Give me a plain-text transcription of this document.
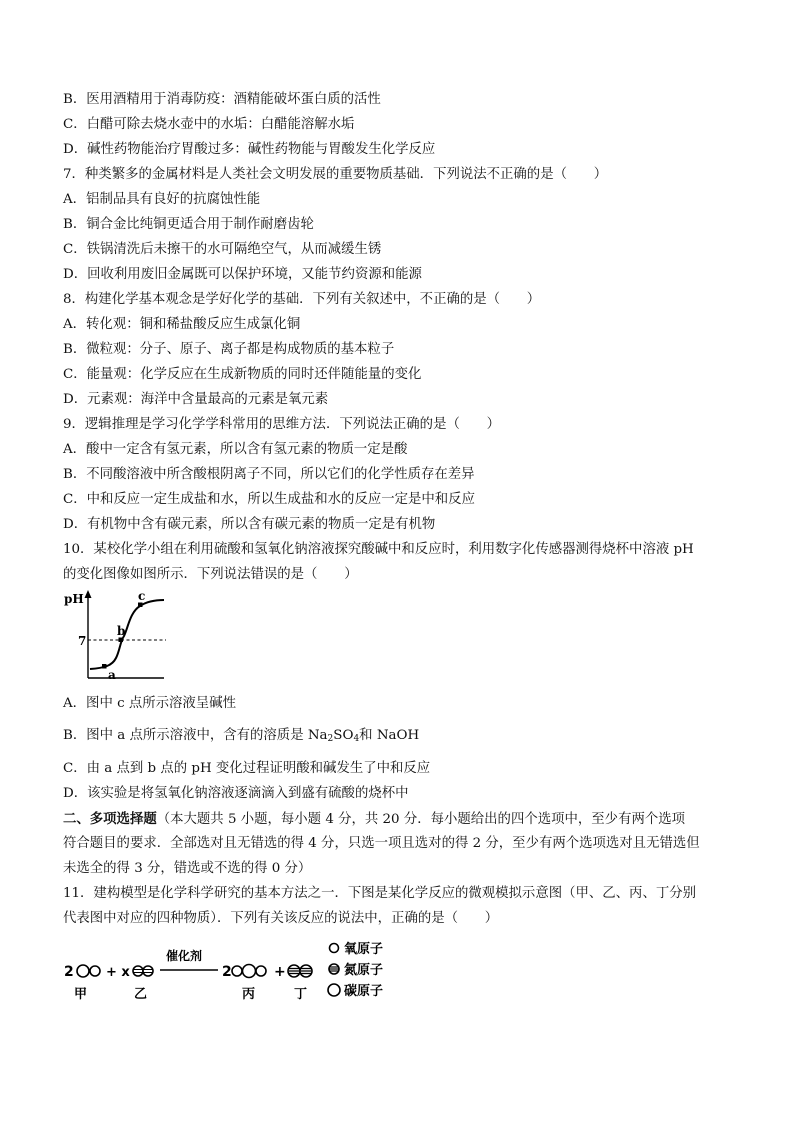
B．医用酒精用于消毒防疫：酒精能破坏蛋白质的活性
C．白醋可除去烧水壶中的水垢：白醋能溶解水垢
D．碱性药物能治疗胃酸过多：碱性药物能与胃酸发生化学反应
7．种类繁多的金属材料是人类社会文明发展的重要物质基础．下列说法不正确的是（　　）
A．铝制品具有良好的抗腐蚀性能
B．铜合金比纯铜更适合用于制作耐磨齿轮
C．铁锅清洗后未擦干的水可隔绝空气，从而减缓生锈
D．回收利用废旧金属既可以保护环境，又能节约资源和能源
8．构建化学基本观念是学好化学的基础．下列有关叙述中，不正确的是（　　）
A．转化观：铜和稀盐酸反应生成氯化铜
B．微粒观：分子、原子、离子都是构成物质的基本粒子
C．能量观：化学反应在生成新物质的同时还伴随能量的变化
D．元素观：海洋中含量最高的元素是氧元素
9．逻辑推理是学习化学学科常用的思维方法．下列说法正确的是（　　）
A．酸中一定含有氢元素，所以含有氢元素的物质一定是酸
B．不同酸溶液中所含酸根阴离子不同，所以它们的化学性质存在差异
C．中和反应一定生成盐和水，所以生成盐和水的反应一定是中和反应
D．有机物中含有碳元素，所以含有碳元素的物质一定是有机物
10．某校化学小组在利用硫酸和氢氧化钠溶液探究酸碱中和反应时，利用数字化传感器测得烧杯中溶液 pH
的变化图像如图所示．下列说法错误的是（　　）
pH
7
a
b
c
A．图中 c 点所示溶液呈碱性
B．图中 a 点所示溶液中，含有的溶质是 $Na_2SO_4$和 NaOH
C．由 a 点到 b 点的 pH 变化过程证明酸和碱发生了中和反应
D．该实验是将氢氧化钠溶液逐滴滴入到盛有硫酸的烧杯中
二、多项选择题（本大题共 5 小题，每小题 4 分，共 20 分．每小题给出的四个选项中，至少有两个选项
符合题目的要求．全部选对且无错选的得 4 分，只选一项且选对的得 2 分，至少有两个选项选对且无错选但
未选全的得 3 分，错选或不选的得 0 分）
11．建构模型是化学科学研究的基本方法之一．下图是某化学反应的微观模拟示意图（甲、乙、丙、丁分别
代表图中对应的四种物质）．下列有关该反应的说法中，正确的是（　　）
2
甲
+ x
乙
催化剂
2
丙
+
丁
氧原子
氮原子
碳原子
